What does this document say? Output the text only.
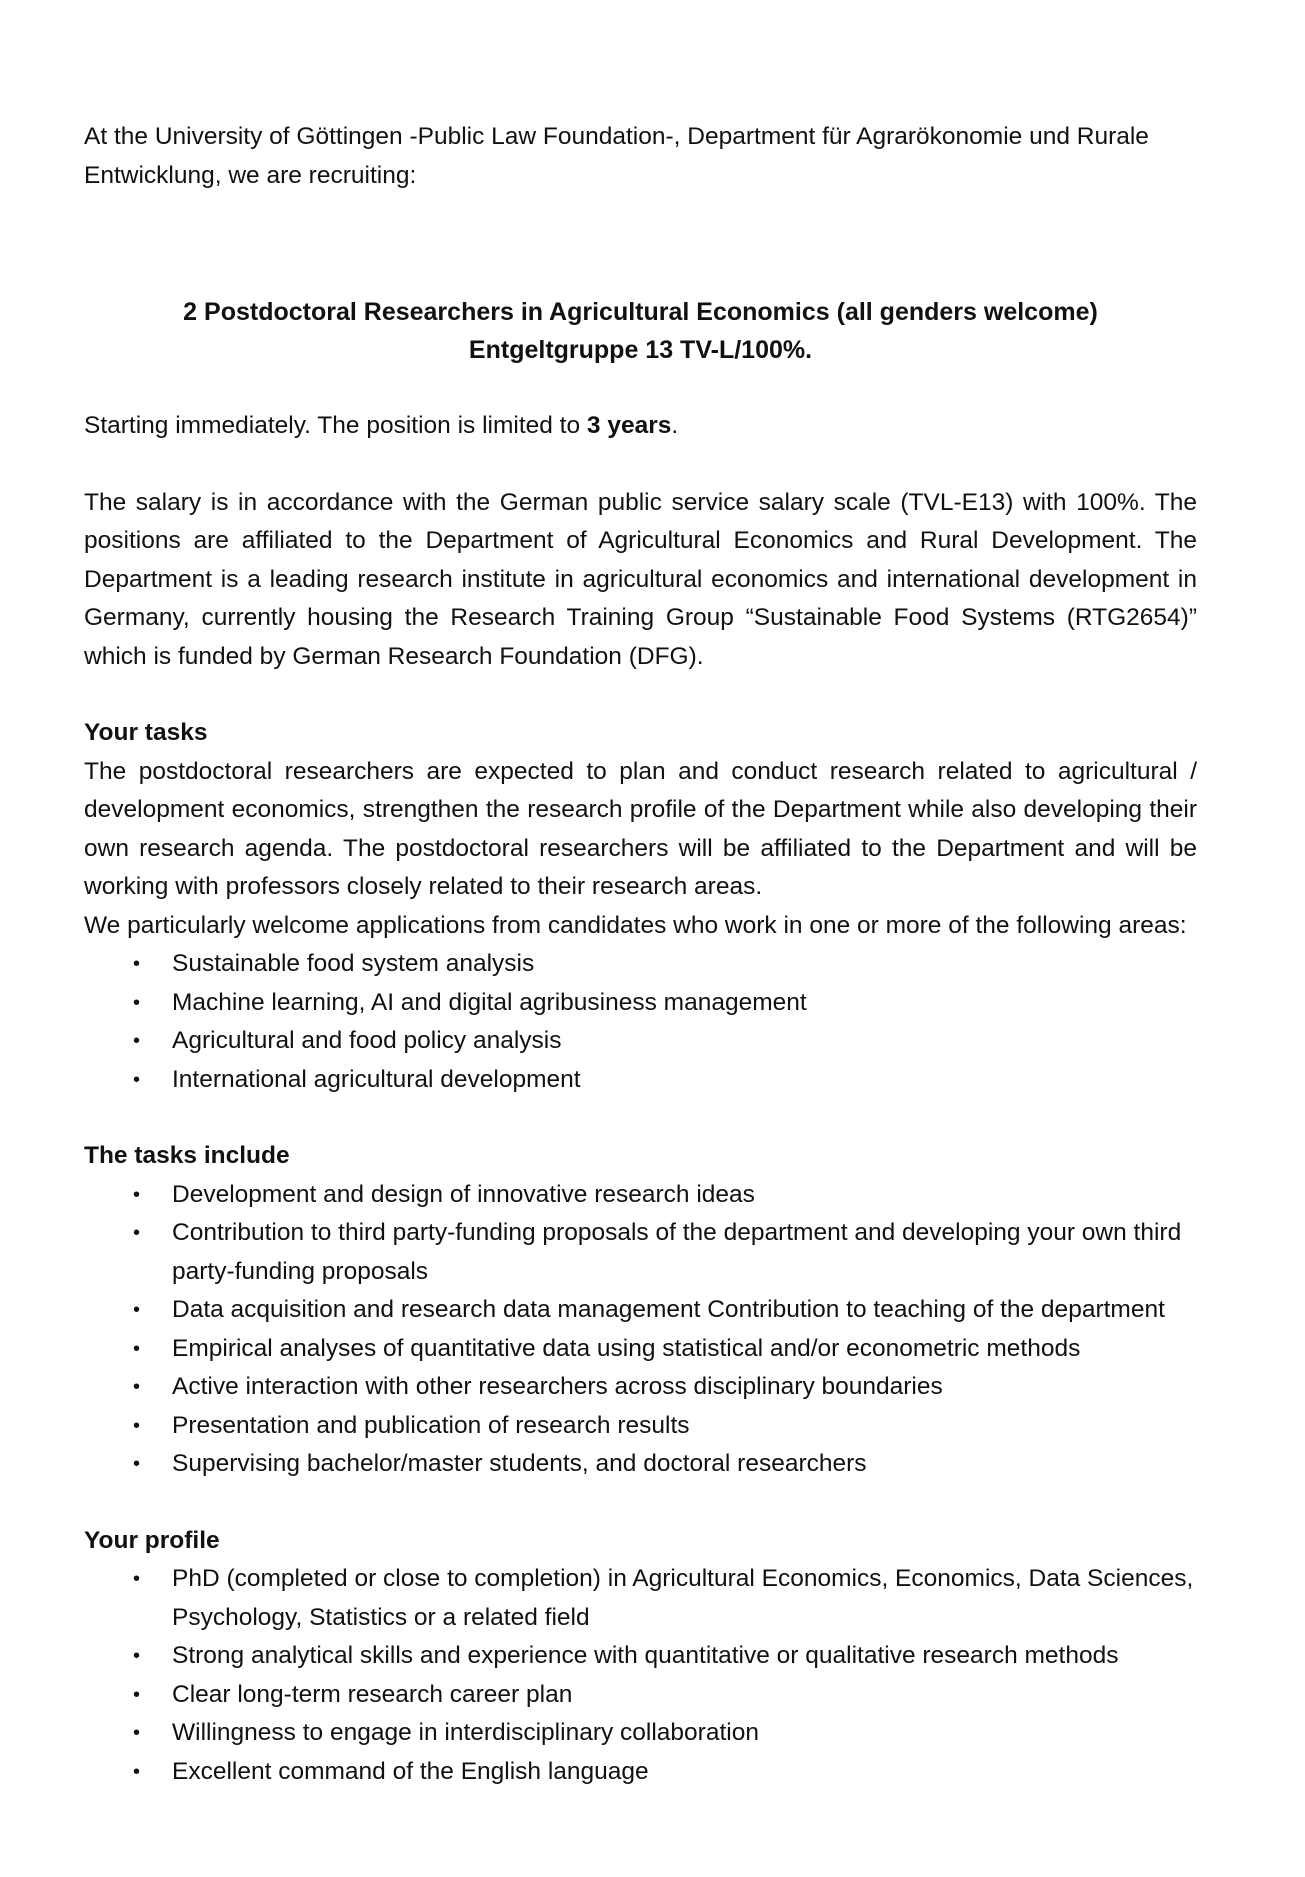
At the University of Göttingen -Public Law Foundation-, Department für Agrarökonomie und Rurale Entwicklung, we are recruiting:

2 Postdoctoral Researchers in Agricultural Economics (all genders welcome)
Entgeltgruppe 13 TV-L/100%.

Starting immediately. The position is limited to 3 years.

The salary is in accordance with the German public service salary scale (TVL-E13) with 100%. The positions are affiliated to the Department of Agricultural Economics and Rural Development. The Department is a leading research institute in agricultural economics and international development in Germany, currently housing the Research Training Group “Sustainable Food Systems (RTG2654)” which is funded by German Research Foundation (DFG).

Your tasks

The postdoctoral researchers are expected to plan and conduct research related to agricultural / development economics, strengthen the research profile of the Department while also developing their own research agenda. The postdoctoral researchers will be affiliated to the Department and will be working with professors closely related to their research areas.

We particularly welcome applications from candidates who work in one or more of the following areas:

• Sustainable food system analysis
• Machine learning, AI and digital agribusiness management
• Agricultural and food policy analysis
• International agricultural development
The tasks include
• Development and design of innovative research ideas
• Contribution to third party-funding proposals of the department and developing your own third party-funding proposals
• Data acquisition and research data management Contribution to teaching of the department
• Empirical analyses of quantitative data using statistical and/or econometric methods
• Active interaction with other researchers across disciplinary boundaries
• Presentation and publication of research results
• Supervising bachelor/master students, and doctoral researchers
Your profile
• PhD (completed or close to completion) in Agricultural Economics, Economics, Data Sciences, Psychology, Statistics or a related field
• Strong analytical skills and experience with quantitative or qualitative research methods
• Clear long-term research career plan
• Willingness to engage in interdisciplinary collaboration
• Excellent command of the English language
